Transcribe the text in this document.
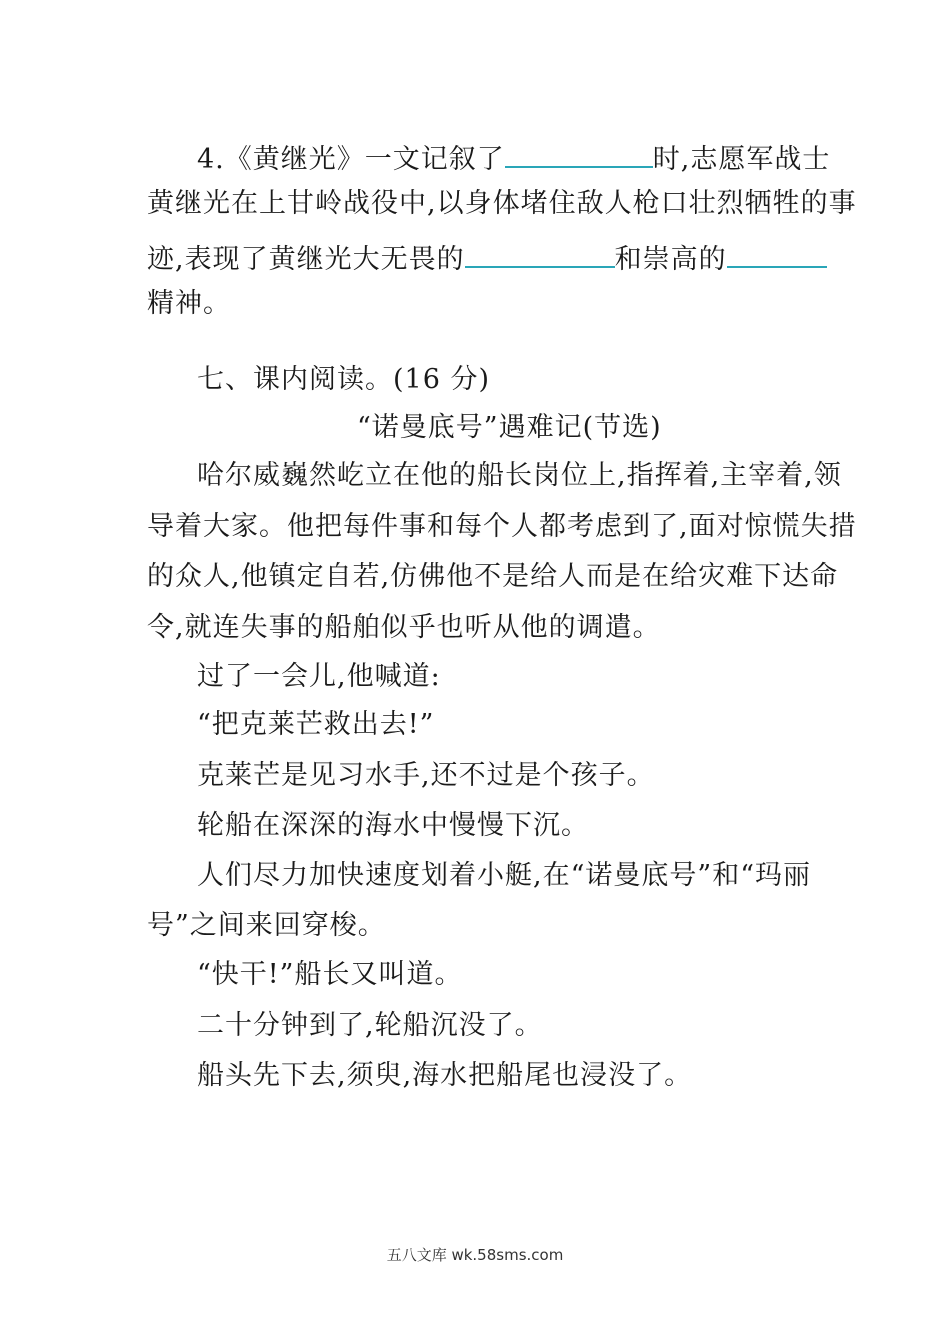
4.《黄继光》一文记叙了	时,志愿军战士
黄继光在上甘岭战役中,以身体堵住敌人枪口壮烈牺牲的事
迹,表现了黄继光大无畏的	和崇高的
精神。
七、课内阅读。(16 分)
“诺曼底号”遇难记(节选)
哈尔威巍然屹立在他的船长岗位上,指挥着,主宰着,领
导着大家。他把每件事和每个人都考虑到了,面对惊慌失措
的众人,他镇定自若,仿佛他不是给人而是在给灾难下达命
令,就连失事的船舶似乎也听从他的调遣。
过了一会儿,他喊道:
“把克莱芒救出去!”
克莱芒是见习水手,还不过是个孩子。
轮船在深深的海水中慢慢下沉。
人们尽力加快速度划着小艇,在“诺曼底号”和“玛丽
号”之间来回穿梭。
“快干!”船长又叫道。
二十分钟到了,轮船沉没了。
船头先下去,须臾,海水把船尾也浸没了。
五八文库 wk.58sms.com
